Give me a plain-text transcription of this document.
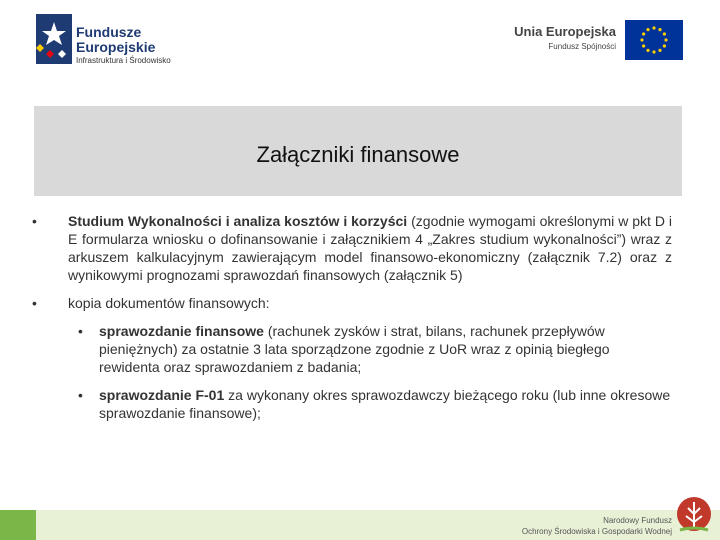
Fundusze
Europejskie
Infrastruktura i Środowisko
Unia Europejska
Fundusz Spójności
Załączniki finansowe
• Studium Wykonalności i analiza kosztów i korzyści (zgodnie wymogami określonymi w pkt D i E formularza wniosku o dofinansowanie i załącznikiem 4 „Zakres studium wykonalności”) wraz z arkuszem kalkulacyjnym zawierającym model finansowo-ekonomiczny (załącznik 7.2) oraz z wynikowymi prognozami sprawozdań finansowych (załącznik 5)
• kopia dokumentów finansowych:
• sprawozdanie finansowe (rachunek zysków i strat, bilans, rachunek przepływów pieniężnych) za ostatnie 3 lata sporządzone zgodnie z UoR wraz z opinią biegłego rewidenta oraz sprawozdaniem z badania;
• sprawozdanie F-01 za wykonany okres sprawozdawczy bieżącego roku (lub inne okresowe sprawozdanie finansowe);
Narodowy Fundusz
Ochrony Środowiska i Gospodarki Wodnej
